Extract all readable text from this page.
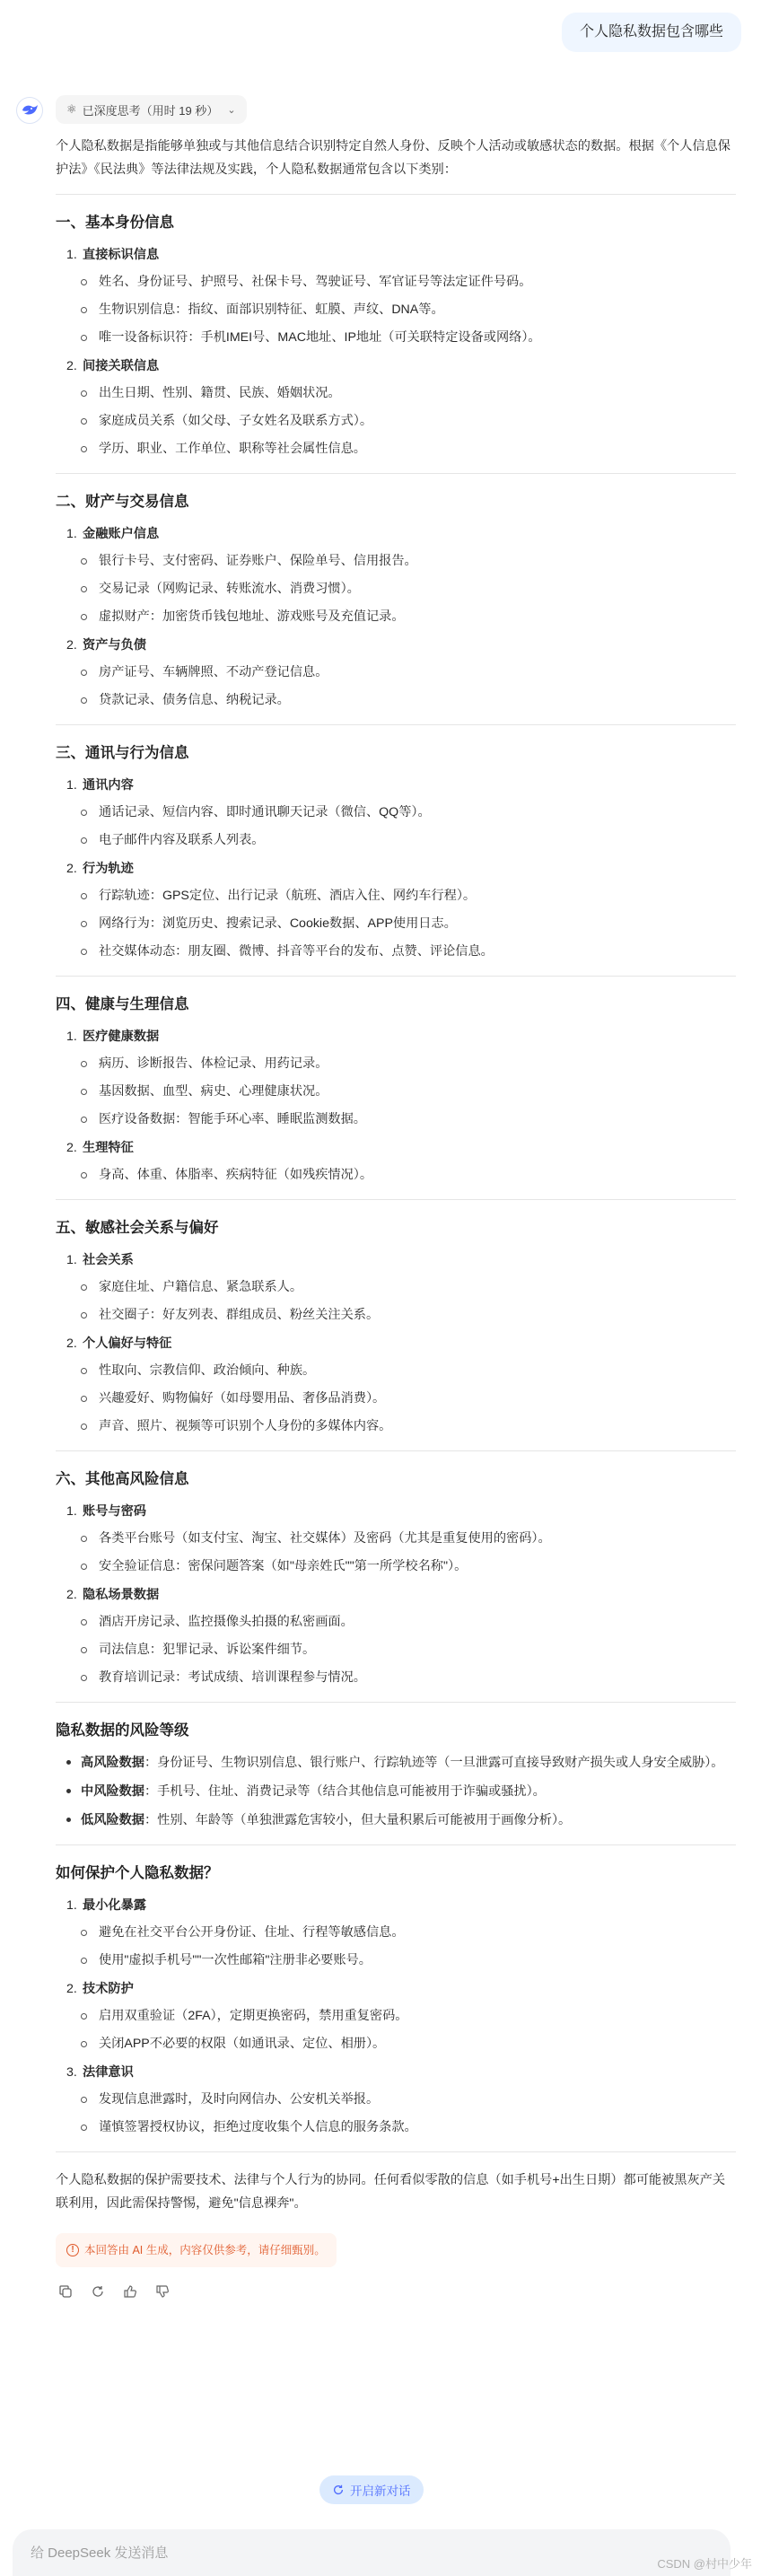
个人隐私数据包含哪些
⚛ 已深度思考（用时 19 秒） ⌄

个人隐私数据是指能够单独或与其他信息结合识别特定自然人身份、反映个人活动或敏感状态的数据。根据《个人信息保护法》《民法典》等法律法规及实践，个人隐私数据通常包含以下类别：

一、基本身份信息
1. 直接标识信息
姓名、身份证号、护照号、社保卡号、驾驶证号、军官证号等法定证件号码。
生物识别信息：指纹、面部识别特征、虹膜、声纹、DNA等。
唯一设备标识符：手机IMEI号、MAC地址、IP地址（可关联特定设备或网络）。
2. 间接关联信息
出生日期、性别、籍贯、民族、婚姻状况。
家庭成员关系（如父母、子女姓名及联系方式）。
学历、职业、工作单位、职称等社会属性信息。
二、财产与交易信息
1. 金融账户信息
银行卡号、支付密码、证券账户、保险单号、信用报告。
交易记录（网购记录、转账流水、消费习惯）。
虚拟财产：加密货币钱包地址、游戏账号及充值记录。
2. 资产与负债
房产证号、车辆牌照、不动产登记信息。
贷款记录、债务信息、纳税记录。
三、通讯与行为信息
1. 通讯内容
通话记录、短信内容、即时通讯聊天记录（微信、QQ等）。
电子邮件内容及联系人列表。
2. 行为轨迹
行踪轨迹：GPS定位、出行记录（航班、酒店入住、网约车行程）。
网络行为：浏览历史、搜索记录、Cookie数据、APP使用日志。
社交媒体动态：朋友圈、微博、抖音等平台的发布、点赞、评论信息。
四、健康与生理信息
1. 医疗健康数据
病历、诊断报告、体检记录、用药记录。
基因数据、血型、病史、心理健康状况。
医疗设备数据：智能手环心率、睡眠监测数据。
2. 生理特征
身高、体重、体脂率、疾病特征（如残疾情况）。
五、敏感社会关系与偏好
1. 社会关系
家庭住址、户籍信息、紧急联系人。
社交圈子：好友列表、群组成员、粉丝关注关系。
2. 个人偏好与特征
性取向、宗教信仰、政治倾向、种族。
兴趣爱好、购物偏好（如母婴用品、奢侈品消费）。
声音、照片、视频等可识别个人身份的多媒体内容。
六、其他高风险信息
1. 账号与密码
各类平台账号（如支付宝、淘宝、社交媒体）及密码（尤其是重复使用的密码）。
安全验证信息：密保问题答案（如"母亲姓氏""第一所学校名称"）。
2. 隐私场景数据
酒店开房记录、监控摄像头拍摄的私密画面。
司法信息：犯罪记录、诉讼案件细节。
教育培训记录：考试成绩、培训课程参与情况。
隐私数据的风险等级
高风险数据：身份证号、生物识别信息、银行账户、行踪轨迹等（一旦泄露可直接导致财产损失或人身安全威胁）。
中风险数据：手机号、住址、消费记录等（结合其他信息可能被用于诈骗或骚扰）。
低风险数据：性别、年龄等（单独泄露危害较小，但大量积累后可能被用于画像分析）。
如何保护个人隐私数据？
1. 最小化暴露
避免在社交平台公开身份证、住址、行程等敏感信息。
使用"虚拟手机号""一次性邮箱"注册非必要账号。
2. 技术防护
启用双重验证（2FA），定期更换密码，禁用重复密码。
关闭APP不必要的权限（如通讯录、定位、相册）。
3. 法律意识
发现信息泄露时，及时向网信办、公安机关举报。
谨慎签署授权协议，拒绝过度收集个人信息的服务条款。

个人隐私数据的保护需要技术、法律与个人行为的协同。任何看似零散的信息（如手机号+出生日期）都可能被黑灰产关联利用，因此需保持警惕，避免"信息裸奔"。

! 本回答由 AI 生成，内容仅供参考，请仔细甄别。
开启新对话
给 DeepSeek 发送消息
CSDN @村中少年
